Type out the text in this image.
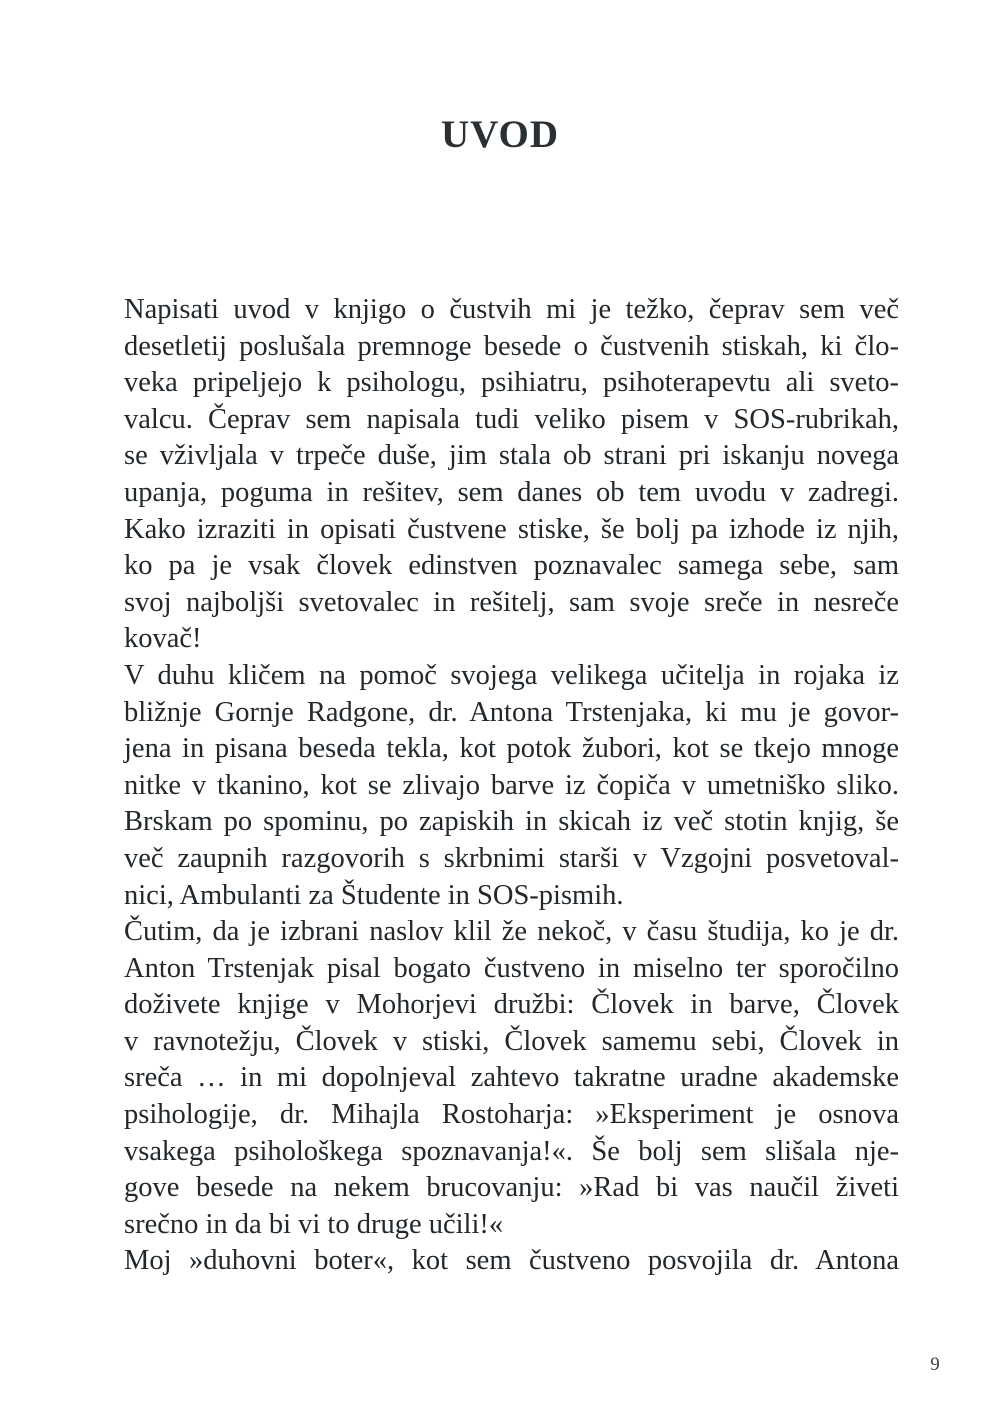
UVOD
Napisati uvod v knjigo o čustvih mi je težko, čeprav sem več
desetletij poslušala premnoge besede o čustvenih stiskah, ki člo-
veka pripeljejo k psihologu, psihiatru, psihoterapevtu ali sveto-
valcu. Čeprav sem napisala tudi veliko pisem v SOS-rubrikah,
se vživljala v trpeče duše, jim stala ob strani pri iskanju novega
upanja, poguma in rešitev, sem danes ob tem uvodu v zadregi.
Kako izraziti in opisati čustvene stiske, še bolj pa izhode iz njih,
ko pa je vsak človek edinstven poznavalec samega sebe, sam
svoj najboljši svetovalec in rešitelj, sam svoje sreče in nesreče
kovač!
V duhu kličem na pomoč svojega velikega učitelja in rojaka iz
bližnje Gornje Radgone, dr. Antona Trstenjaka, ki mu je govor-
jena in pisana beseda tekla, kot potok žubori, kot se tkejo mnoge
nitke v tkanino, kot se zlivajo barve iz čopiča v umetniško sliko.
Brskam po spominu, po zapiskih in skicah iz več stotin knjig, še
več zaupnih razgovorih s skrbnimi starši v Vzgojni posvetoval-
nici, Ambulanti za Študente in SOS-pismih.
Čutim, da je izbrani naslov klil že nekoč, v času študija, ko je dr.
Anton Trstenjak pisal bogato čustveno in miselno ter sporočilno
doživete knjige v Mohorjevi družbi: Človek in barve, Človek
v ravnotežju, Človek v stiski, Človek samemu sebi, Človek in
sreča … in mi dopolnjeval zahtevo takratne uradne akademske
psihologije, dr. Mihajla Rostoharja: »Eksperiment je osnova
vsakega psihološkega spoznavanja!«. Še bolj sem slišala nje-
gove besede na nekem brucovanju: »Rad bi vas naučil živeti
srečno in da bi vi to druge učili!«
Moj »duhovni boter«, kot sem čustveno posvojila dr. Antona
9
